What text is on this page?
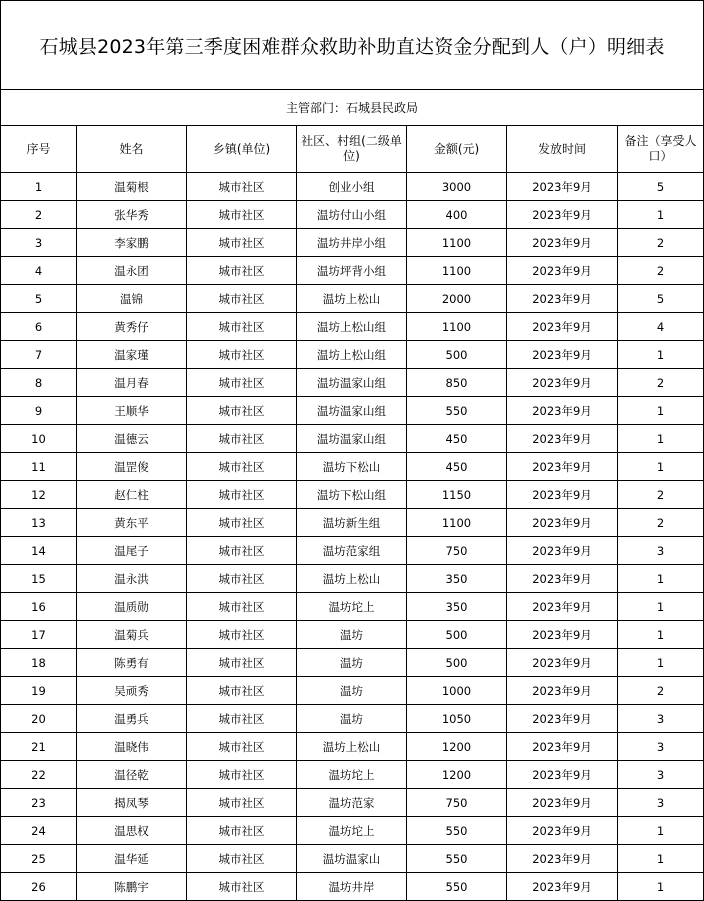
石城县2023年第三季度困难群众救助补助直达资金分配到人（户）明细表						
主管部门：石城县民政局						
序号	姓名	乡镇(单位)	社区、村组(二级单位)	金额(元)	发放时间	备注（享受人口）
1	温菊根	城市社区	创业小组	3000	2023年9月	5
2	张华秀	城市社区	温坊付山小组	400	2023年9月	1
3	李家鹏	城市社区	温坊井岸小组	1100	2023年9月	2
4	温永团	城市社区	温坊坪背小组	1100	2023年9月	2
5	温锦	城市社区	温坊上松山	2000	2023年9月	5
6	黄秀仔	城市社区	温坊上松山组	1100	2023年9月	4
7	温家瑾	城市社区	温坊上松山组	500	2023年9月	1
8	温月春	城市社区	温坊温家山组	850	2023年9月	2
9	王顺华	城市社区	温坊温家山组	550	2023年9月	1
10	温德云	城市社区	温坊温家山组	450	2023年9月	1
11	温罡俊	城市社区	温坊下松山	450	2023年9月	1
12	赵仁柱	城市社区	温坊下松山组	1150	2023年9月	2
13	黄东平	城市社区	温坊新生组	1100	2023年9月	2
14	温尾子	城市社区	温坊范家组	750	2023年9月	3
15	温永洪	城市社区	温坊上松山	350	2023年9月	1
16	温质勋	城市社区	温坊坨上	350	2023年9月	1
17	温菊兵	城市社区	温坊	500	2023年9月	1
18	陈勇有	城市社区	温坊	500	2023年9月	1
19	吴顽秀	城市社区	温坊	1000	2023年9月	2
20	温勇兵	城市社区	温坊	1050	2023年9月	3
21	温晓伟	城市社区	温坊上松山	1200	2023年9月	3
22	温径乾	城市社区	温坊坨上	1200	2023年9月	3
23	揭凤琴	城市社区	温坊范家	750	2023年9月	3
24	温思权	城市社区	温坊坨上	550	2023年9月	1
25	温华延	城市社区	温坊温家山	550	2023年9月	1
26	陈鹏宇	城市社区	温坊井岸	550	2023年9月	1
